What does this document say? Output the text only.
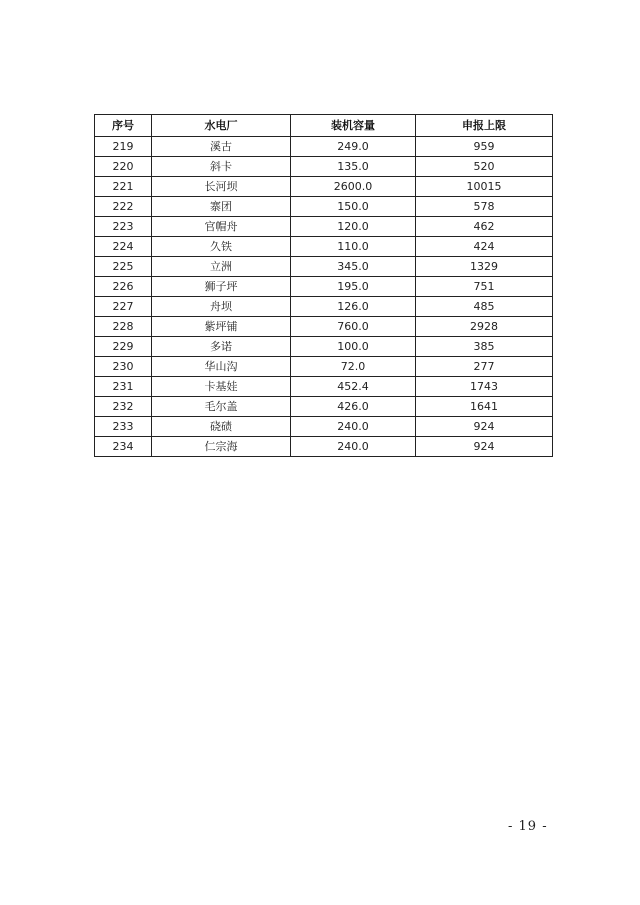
序号	水电厂	装机容量	申报上限
219	溪古	249.0	959
220	斜卡	135.0	520
221	长河坝	2600.0	10015
222	寨团	150.0	578
223	官帽舟	120.0	462
224	久铁	110.0	424
225	立洲	345.0	1329
226	狮子坪	195.0	751
227	舟坝	126.0	485
228	紫坪铺	760.0	2928
229	多诺	100.0	385
230	华山沟	72.0	277
231	卡基娃	452.4	1743
232	毛尔盖	426.0	1641
233	硗碛	240.0	924
234	仁宗海	240.0	924
- 19 -
